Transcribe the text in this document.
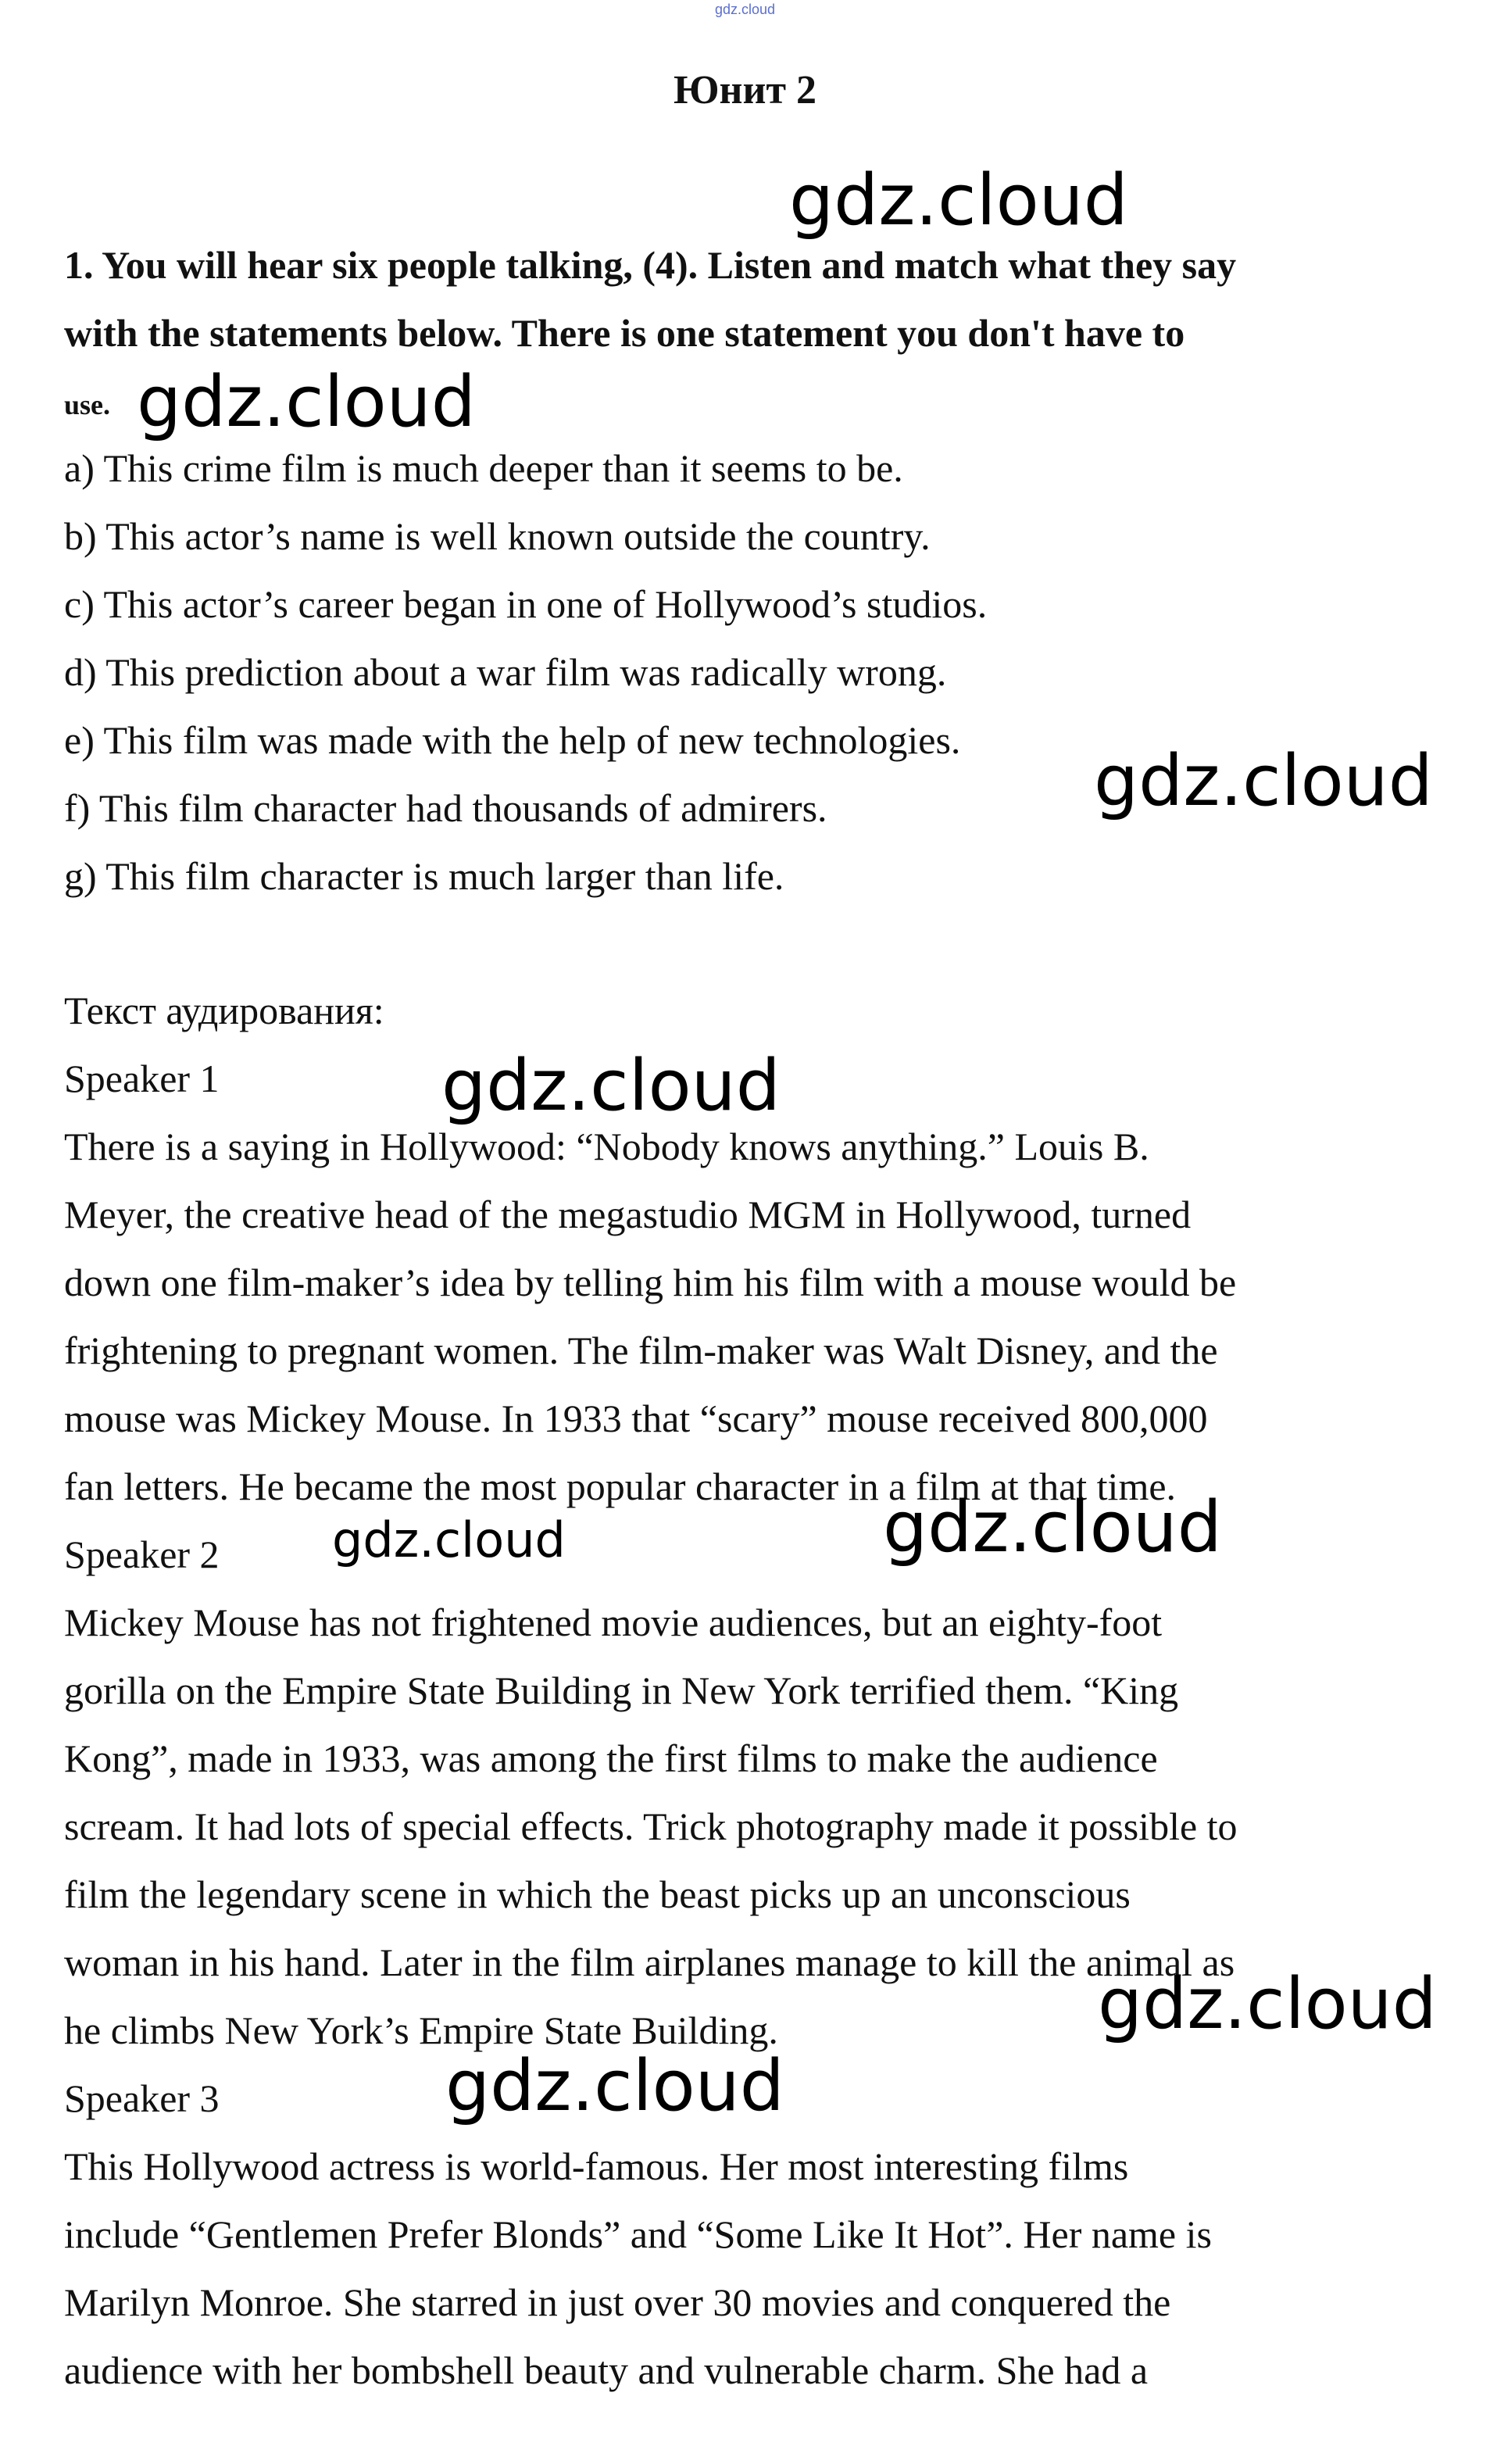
gdz.cloud
Юнит 2
1. You will hear six people talking, (4). Listen and match what they say
with the statements below. There is one statement you don't have to
use.
a) This crime film is much deeper than it seems to be.
b) This actor’s name is well known outside the country.
c) This actor’s career began in one of Hollywood’s studios.
d) This prediction about a war film was radically wrong.
e) This film was made with the help of new technologies.
f) This film character had thousands of admirers.
g) This film character is much larger than life.
Текст аудирования:
Speaker 1
There is a saying in Hollywood: “Nobody knows anything.” Louis B.
Meyer, the creative head of the megastudio MGM in Hollywood, turned
down one film-maker’s idea by telling him his film with a mouse would be
frightening to pregnant women. The film-maker was Walt Disney, and the
mouse was Mickey Mouse. In 1933 that “scary” mouse received 800,000
fan letters. He became the most popular character in a film at that time.
Speaker 2
Mickey Mouse has not frightened movie audiences, but an eighty-foot
gorilla on the Empire State Building in New York terrified them. “King
Kong”, made in 1933, was among the first films to make the audience
scream. It had lots of special effects. Trick photography made it possible to
film the legendary scene in which the beast picks up an unconscious
woman in his hand. Later in the film airplanes manage to kill the animal as
he climbs New York’s Empire State Building.
Speaker 3
This Hollywood actress is world-famous. Her most interesting films
include “Gentlemen Prefer Blonds” and “Some Like It Hot”. Her name is
Marilyn Monroe. She starred in just over 30 movies and conquered the
audience with her bombshell beauty and vulnerable charm. She had a
gdz.cloud
gdz.cloud
gdz.cloud
gdz.cloud
gdz.cloud	gdz.cloud
gdz.cloud
gdz.cloud
